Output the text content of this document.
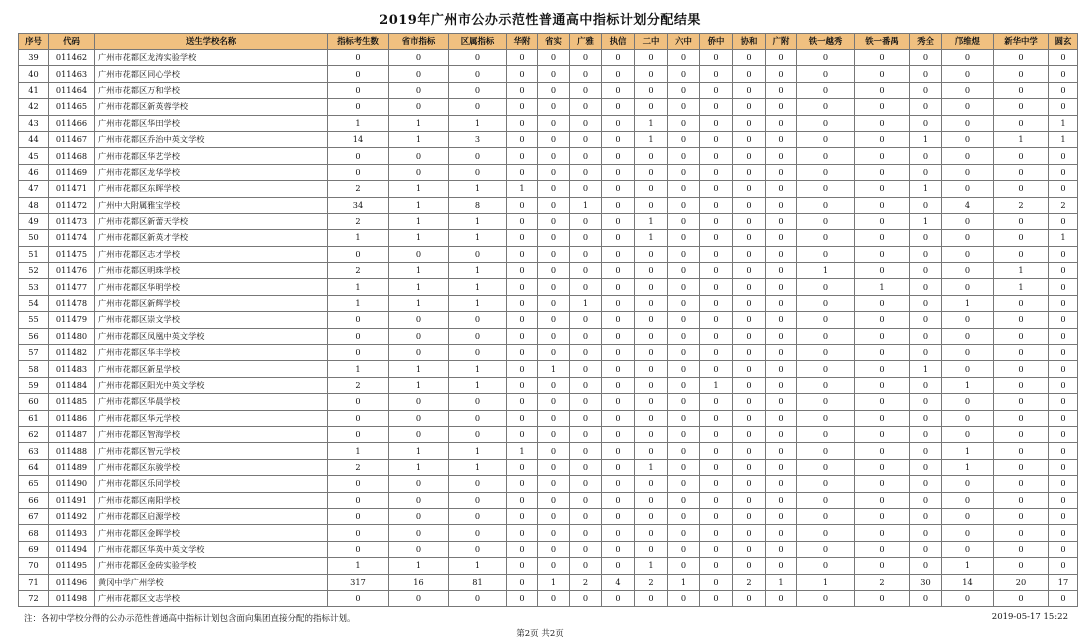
2019年广州市公办示范性普通高中指标计划分配结果
序号	代码	送生学校名称	指标考生数	省市指标	区属指标	华附	省实	广雅	执信	二中	六中	侨中	协和	广附	铁一越秀	铁一番禺	秀全	邝维煜	新华中学	圆玄
39	011462	广州市花都区龙涛实验学校	0	0	0	0	0	0	0	0	0	0	0	0	0	0	0	0	0	0
40	011463	广州市花都区同心学校	0	0	0	0	0	0	0	0	0	0	0	0	0	0	0	0	0	0
41	011464	广州市花都区万和学校	0	0	0	0	0	0	0	0	0	0	0	0	0	0	0	0	0	0
42	011465	广州市花都区新英蓉学校	0	0	0	0	0	0	0	0	0	0	0	0	0	0	0	0	0	0
43	011466	广州市花都区华田学校	1	1	1	0	0	0	0	1	0	0	0	0	0	0	0	0	0	1
44	011467	广州市花都区乔治中英文学校	14	1	3	0	0	0	0	1	0	0	0	0	0	0	1	0	1	1
45	011468	广州市花都区华艺学校	0	0	0	0	0	0	0	0	0	0	0	0	0	0	0	0	0	0
46	011469	广州市花都区龙华学校	0	0	0	0	0	0	0	0	0	0	0	0	0	0	0	0	0	0
47	011471	广州市花都区东晖学校	2	1	1	1	0	0	0	0	0	0	0	0	0	0	1	0	0	0
48	011472	广州中大附属雅宝学校	34	1	8	0	0	1	0	0	0	0	0	0	0	0	0	4	2	2
49	011473	广州市花都区新蕾天学校	2	1	1	0	0	0	0	1	0	0	0	0	0	0	1	0	0	0
50	011474	广州市花都区新英才学校	1	1	1	0	0	0	0	1	0	0	0	0	0	0	0	0	0	1
51	011475	广州市花都区志才学校	0	0	0	0	0	0	0	0	0	0	0	0	0	0	0	0	0	0
52	011476	广州市花都区明珠学校	2	1	1	0	0	0	0	0	0	0	0	0	1	0	0	0	1	0
53	011477	广州市花都区华明学校	1	1	1	0	0	0	0	0	0	0	0	0	0	1	0	0	1	0
54	011478	广州市花都区新辉学校	1	1	1	0	0	1	0	0	0	0	0	0	0	0	0	1	0	0
55	011479	广州市花都区崇文学校	0	0	0	0	0	0	0	0	0	0	0	0	0	0	0	0	0	0
56	011480	广州市花都区凤凰中英文学校	0	0	0	0	0	0	0	0	0	0	0	0	0	0	0	0	0	0
57	011482	广州市花都区华丰学校	0	0	0	0	0	0	0	0	0	0	0	0	0	0	0	0	0	0
58	011483	广州市花都区新星学校	1	1	1	0	1	0	0	0	0	0	0	0	0	0	1	0	0	0
59	011484	广州市花都区阳光中英文学校	2	1	1	0	0	0	0	0	0	1	0	0	0	0	0	1	0	0
60	011485	广州市花都区华晨学校	0	0	0	0	0	0	0	0	0	0	0	0	0	0	0	0	0	0
61	011486	广州市花都区华元学校	0	0	0	0	0	0	0	0	0	0	0	0	0	0	0	0	0	0
62	011487	广州市花都区智海学校	0	0	0	0	0	0	0	0	0	0	0	0	0	0	0	0	0	0
63	011488	广州市花都区智元学校	1	1	1	1	0	0	0	0	0	0	0	0	0	0	0	1	0	0
64	011489	广州市花都区东骏学校	2	1	1	0	0	0	0	1	0	0	0	0	0	0	0	1	0	0
65	011490	广州市花都区乐同学校	0	0	0	0	0	0	0	0	0	0	0	0	0	0	0	0	0	0
66	011491	广州市花都区南阳学校	0	0	0	0	0	0	0	0	0	0	0	0	0	0	0	0	0	0
67	011492	广州市花都区启源学校	0	0	0	0	0	0	0	0	0	0	0	0	0	0	0	0	0	0
68	011493	广州市花都区金晖学校	0	0	0	0	0	0	0	0	0	0	0	0	0	0	0	0	0	0
69	011494	广州市花都区华英中英文学校	0	0	0	0	0	0	0	0	0	0	0	0	0	0	0	0	0	0
70	011495	广州市花都区金砖实验学校	1	1	1	0	0	0	0	1	0	0	0	0	0	0	0	1	0	0
71	011496	黄冈中学广州学校	317	16	81	0	1	2	4	2	1	0	2	1	1	2	30	14	20	17
72	011498	广州市花都区文志学校	0	0	0	0	0	0	0	0	0	0	0	0	0	0	0	0	0	0
注：各初中学校分得的公办示范性普通高中指标计划包含面向集团直接分配的指标计划。	2019-05-17 15:22
第2页 共2页
